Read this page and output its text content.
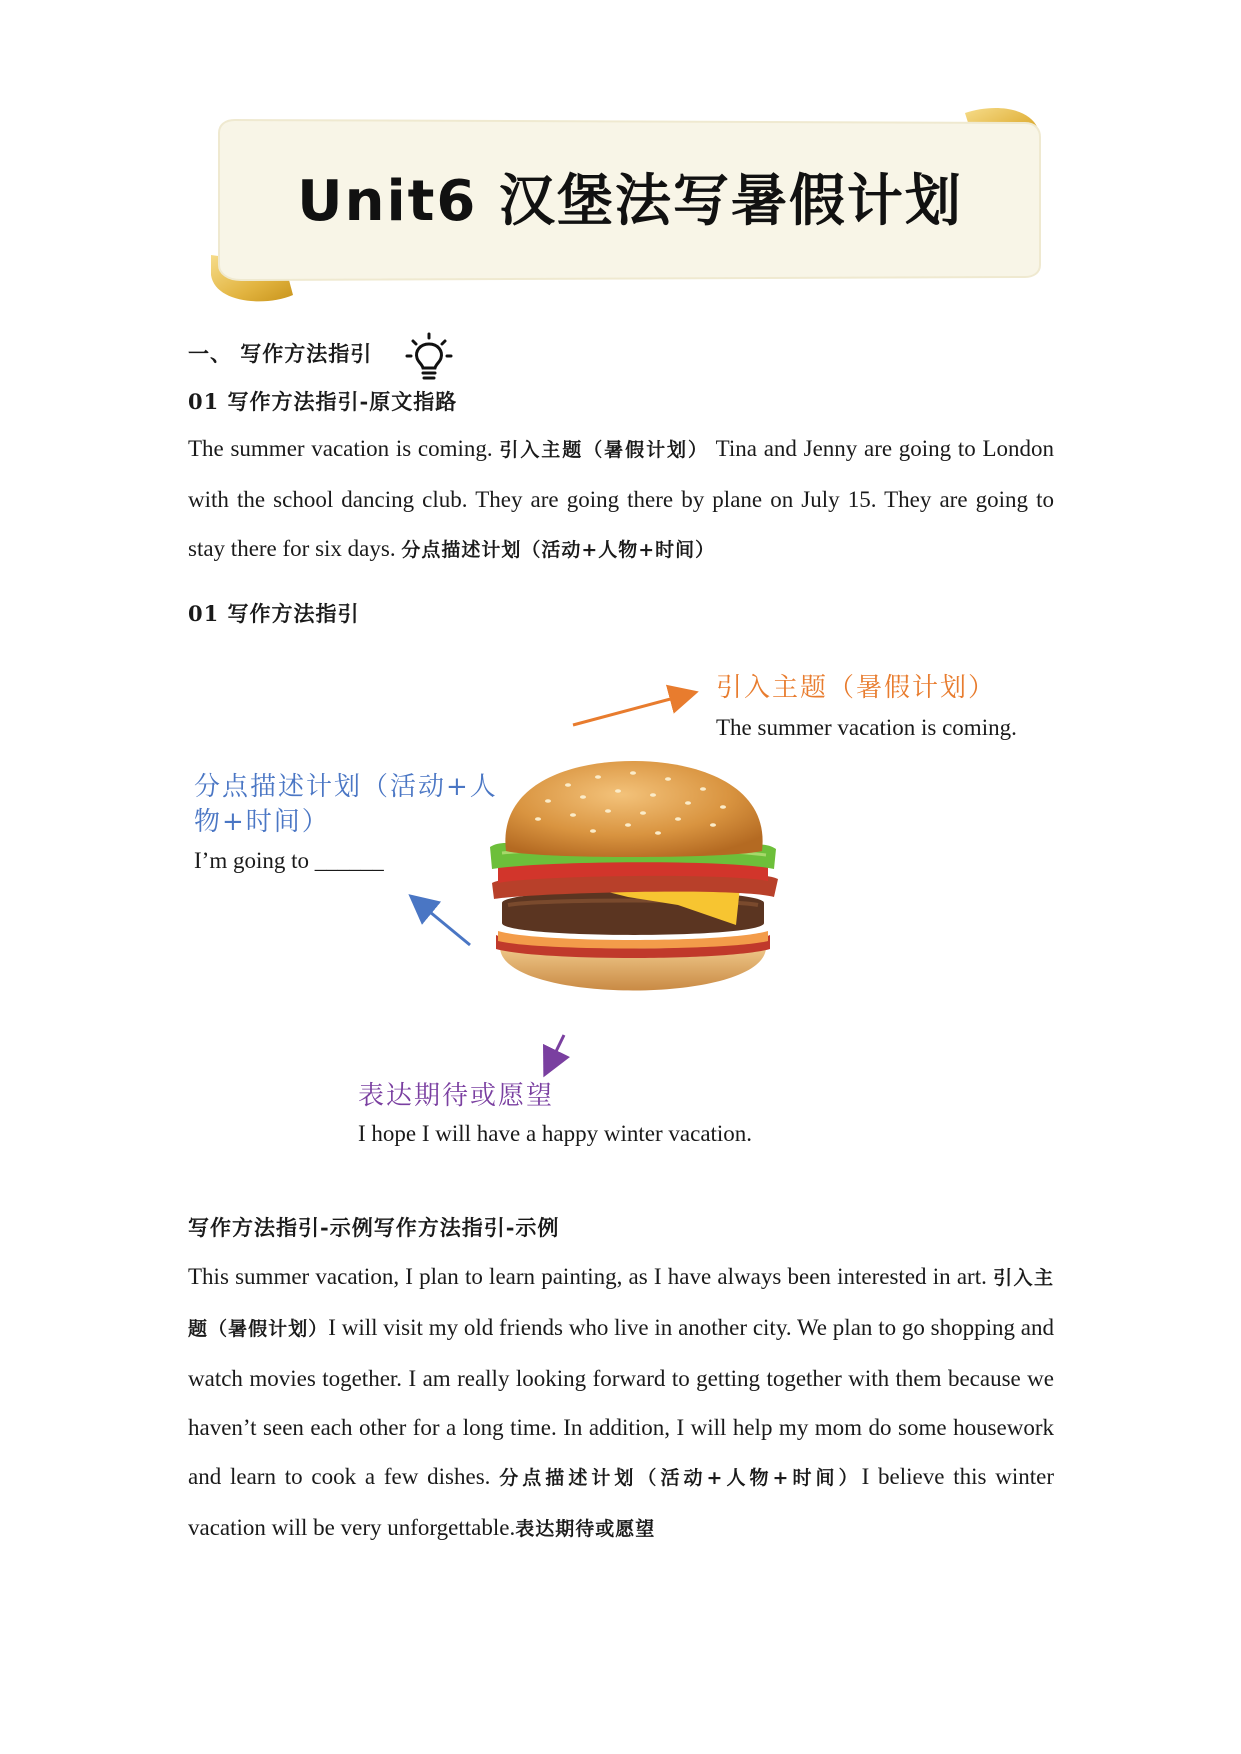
Unit6 汉堡法写暑假计划
一、 写作方法指引
01 写作方法指引-原文指路
The summer vacation is coming. 引入主题（暑假计划） Tina and Jenny are going to London with the school dancing club. They are going there by plane on July 15. They are going to stay there for six days. 分点描述计划（活动+人物+时间）
01 写作方法指引
引入主题（暑假计划）
The summer vacation is coming.
分点描述计划（活动+人物+时间）
I’m going to ______
表达期待或愿望
I hope I will have a happy winter vacation.
写作方法指引-示例写作方法指引-示例
This summer vacation, I plan to learn painting, as I have always been interested in art. 引入主题（暑假计划）I will visit my old friends who live in another city. We plan to go shopping and watch movies together. I am really looking forward to getting together with them because we haven’t seen each other for a long time. In addition, I will help my mom do some housework and learn to cook a few dishes. 分点描述计划（活动+人物+时间）I believe this winter vacation will be very unforgettable.表达期待或愿望
